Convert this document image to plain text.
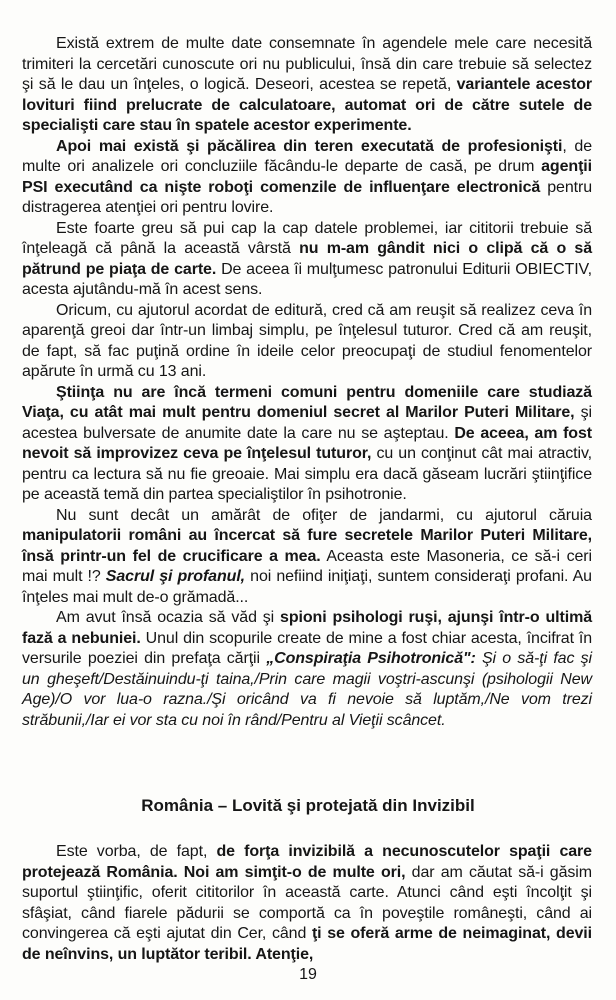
Există extrem de multe date consemnate în agendele mele care necesită trimiteri la cercetări cunoscute ori nu publicului, însă din care trebuie să selectez şi să le dau un înţeles, o logică. Deseori, acestea se repetă, variantele acestor lovituri fiind prelucrate de calculatoare, automat ori de către sutele de specialişti care stau în spatele acestor experimente.

Apoi mai există şi păcălirea din teren executată de profesionişti, de multe ori analizele ori concluziile făcându-le departe de casă, pe drum agenţii PSI executând ca nişte roboţi comenzile de influenţare electronică pentru distragerea atenţiei ori pentru lovire.

Este foarte greu să pui cap la cap datele problemei, iar cititorii trebuie să înţeleagă că până la această vârstă nu m-am gândit nici o clipă că o să pătrund pe piaţa de carte. De aceea îi mulţumesc patronului Editurii OBIECTIV, acesta ajutându-mă în acest sens.

Oricum, cu ajutorul acordat de editură, cred că am reuşit să realizez ceva în aparenţă greoi dar într-un limbaj simplu, pe înţelesul tuturor. Cred că am reuşit, de fapt, să fac puţină ordine în ideile celor preocupaţi de studiul fenomentelor apărute în urmă cu 13 ani.

Ştiinţa nu are încă termeni comuni pentru domeniile care studiază Viaţa, cu atât mai mult pentru domeniul secret al Marilor Puteri Militare, şi acestea bulversate de anumite date la care nu se aşteptau. De aceea, am fost nevoit să improvizez ceva pe înţelesul tuturor, cu un conţinut cât mai atractiv, pentru ca lectura să nu fie greoaie. Mai simplu era dacă găseam lucrări ştiinţifice pe această temă din partea specialiştilor în psihotronie.

Nu sunt decât un amărât de ofiţer de jandarmi, cu ajutorul căruia manipulatorii români au încercat să fure secretele Marilor Puteri Militare, însă printr-un fel de crucificare a mea. Aceasta este Masoneria, ce să-i ceri mai mult !? Sacrul şi profanul, noi nefiind iniţiaţi, suntem consideraţi profani. Au înţeles mai mult de-o grămadă...

Am avut însă ocazia să văd şi spioni psihologi ruşi, ajunşi într-o ultimă fază a nebuniei. Unul din scopurile create de mine a fost chiar acesta, încifrat în versurile poeziei din prefaţa cărţii „Conspiraţia Psihotronică": Şi o să-ţi fac şi un gheşeft/Destăinuindu-ţi taina,/Prin care magii voştri-ascunşi (psihologii New Age)/O vor lua-o razna./Şi oricând va fi nevoie să luptăm,/Ne vom trezi străbunii,/Iar ei vor sta cu noi în rând/Pentru al Vieţii scâncet.

România – Lovită şi protejată din Invizibil

Este vorba, de fapt, de forţa invizibilă a necunoscutelor spaţii care protejează România. Noi am simţit-o de multe ori, dar am căutat să-i găsim suportul ştiinţific, oferit cititorilor în această carte. Atunci când eşti încolţit şi sfâşiat, când fiarele pădurii se comportă ca în poveştile româneşti, când ai convingerea că eşti ajutat din Cer, când ţi se oferă arme de neimaginat, devii de neînvins, un luptător teribil. Atenţie,

19
